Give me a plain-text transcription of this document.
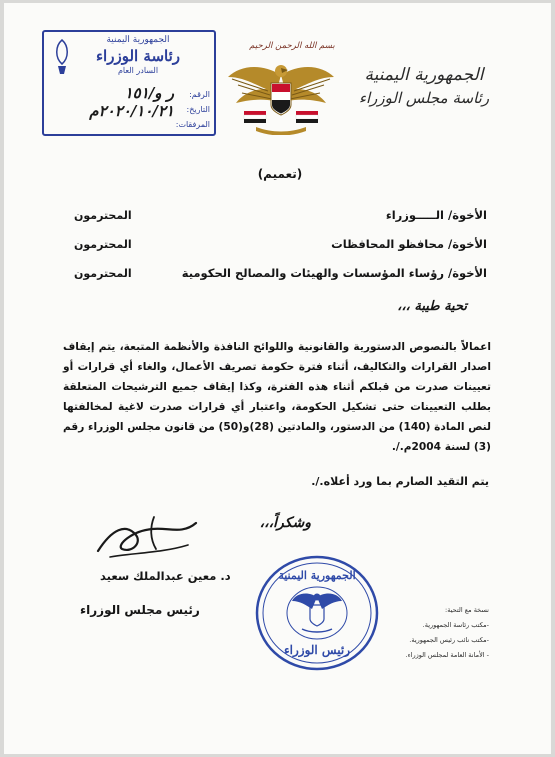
الجمهورية اليمنية
رئاسة مجلس الوزراء
بسم الله الرحمن الرحيم
الجمهورية اليمنية
رئاسة الوزراء
السادر العام
الرقم:
ر و/١٥١
التاريخ:
٢٠٢٠/١٠/٢١م
المرفقات:
(تعميم)
الأخوة/ الـــــوزراء
المحترمون
الأخوة/ محافظو المحافظات
المحترمون
الأخوة/ رؤساء المؤسسات والهيئات والمصالح الحكومية
المحترمون
تحية طيبة ،،،
اعمالاً بالنصوص الدستورية والقانونية واللوائح النافذة والأنظمة المتبعة، يتم إيقاف اصدار القرارات والتكاليف، أثناء فترة حكومة تصريف الأعمال، والغاء أي قرارات أو تعيينات صدرت من قبلكم أثناء هذه الفترة، وكذا إيقاف جميع الترشيحات المتعلقة بطلب التعيينات حتى تشكيل الحكومة، واعتبار أي قرارات صدرت لاغية لمخالفتها لنص المادة (140) من الدستور، والمادتين (28)و(50) من قانون مجلس الوزراء رقم (3) لسنة 2004م./.
يتم التقيد الصارم بما ورد أعلاه./.
وشكراً،،،
د. معين عبدالملك سعيد
رئيس مجلس الوزراء
الجمهورية اليمنية
رئيس الوزراء
نسخة مع التحية:
-مكتب رئاسة الجمهورية.
-مكتب نائب رئيس الجمهورية.
- الأمانة العامة لمجلس الوزراء.
